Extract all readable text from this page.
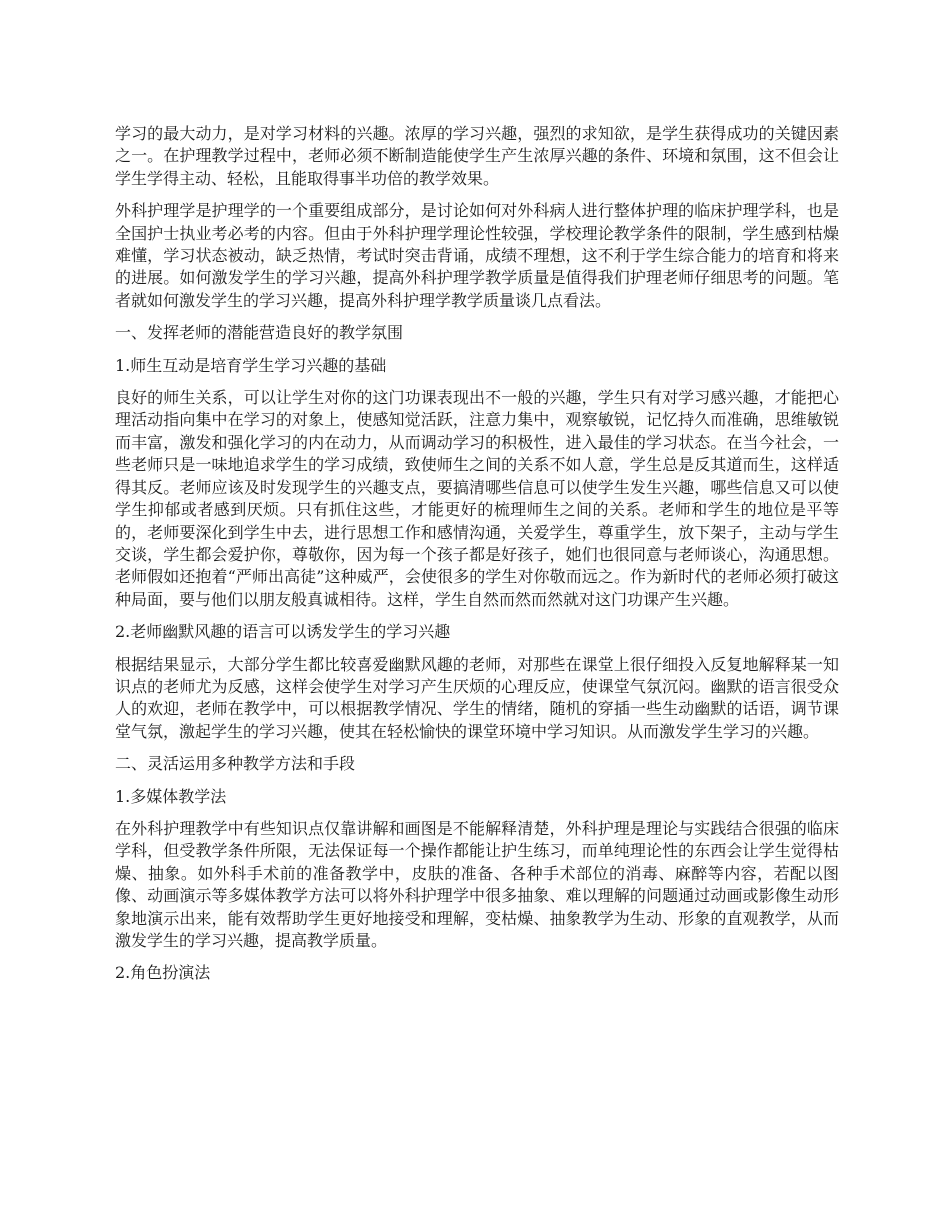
学习的最大动力，是对学习材料的兴趣。浓厚的学习兴趣，强烈的求知欲，是学生获得成功的关键因素之一。在护理教学过程中，老师必须不断制造能使学生产生浓厚兴趣的条件、环境和氛围，这不但会让学生学得主动、轻松，且能取得事半功倍的教学效果。

外科护理学是护理学的一个重要组成部分，是讨论如何对外科病人进行整体护理的临床护理学科，也是全国护士执业考必考的内容。但由于外科护理学理论性较强，学校理论教学条件的限制，学生感到枯燥难懂，学习状态被动，缺乏热情，考试时突击背诵，成绩不理想，这不利于学生综合能力的培育和将来的进展。如何激发学生的学习兴趣，提高外科护理学教学质量是值得我们护理老师仔细思考的问题。笔者就如何激发学生的学习兴趣，提高外科护理学教学质量谈几点看法。

一、发挥老师的潜能营造良好的教学氛围

1.师生互动是培育学生学习兴趣的基础

良好的师生关系，可以让学生对你的这门功课表现出不一般的兴趣，学生只有对学习感兴趣，才能把心理活动指向集中在学习的对象上，使感知觉活跃，注意力集中，观察敏锐，记忆持久而准确，思维敏锐而丰富，激发和强化学习的内在动力，从而调动学习的积极性，进入最佳的学习状态。在当今社会，一些老师只是一味地追求学生的学习成绩，致使师生之间的关系不如人意，学生总是反其道而生，这样适得其反。老师应该及时发现学生的兴趣支点，要搞清哪些信息可以使学生发生兴趣，哪些信息又可以使学生抑郁或者感到厌烦。只有抓住这些，才能更好的梳理师生之间的关系。老师和学生的地位是平等的，老师要深化到学生中去，进行思想工作和感情沟通，关爱学生，尊重学生，放下架子，主动与学生交谈，学生都会爱护你，尊敬你，因为每一个孩子都是好孩子，她们也很同意与老师谈心，沟通思想。老师假如还抱着“严师出高徒”这种威严，会使很多的学生对你敬而远之。作为新时代的老师必须打破这种局面，要与他们以朋友般真诚相待。这样，学生自然而然而然就对这门功课产生兴趣。

2.老师幽默风趣的语言可以诱发学生的学习兴趣

根据结果显示，大部分学生都比较喜爱幽默风趣的老师，对那些在课堂上很仔细投入反复地解释某一知识点的老师尤为反感，这样会使学生对学习产生厌烦的心理反应，使课堂气氛沉闷。幽默的语言很受众人的欢迎，老师在教学中，可以根据教学情况、学生的情绪，随机的穿插一些生动幽默的话语，调节课堂气氛，激起学生的学习兴趣，使其在轻松愉快的课堂环境中学习知识。从而激发学生学习的兴趣。

二、灵活运用多种教学方法和手段

1.多媒体教学法

在外科护理教学中有些知识点仅靠讲解和画图是不能解释清楚，外科护理是理论与实践结合很强的临床学科，但受教学条件所限，无法保证每一个操作都能让护生练习，而单纯理论性的东西会让学生觉得枯燥、抽象。如外科手术前的准备教学中，皮肤的准备、各种手术部位的消毒、麻醉等内容，若配以图像、动画演示等多媒体教学方法可以将外科护理学中很多抽象、难以理解的问题通过动画或影像生动形象地演示出来，能有效帮助学生更好地接受和理解，变枯燥、抽象教学为生动、形象的直观教学，从而激发学生的学习兴趣，提高教学质量。

2.角色扮演法
